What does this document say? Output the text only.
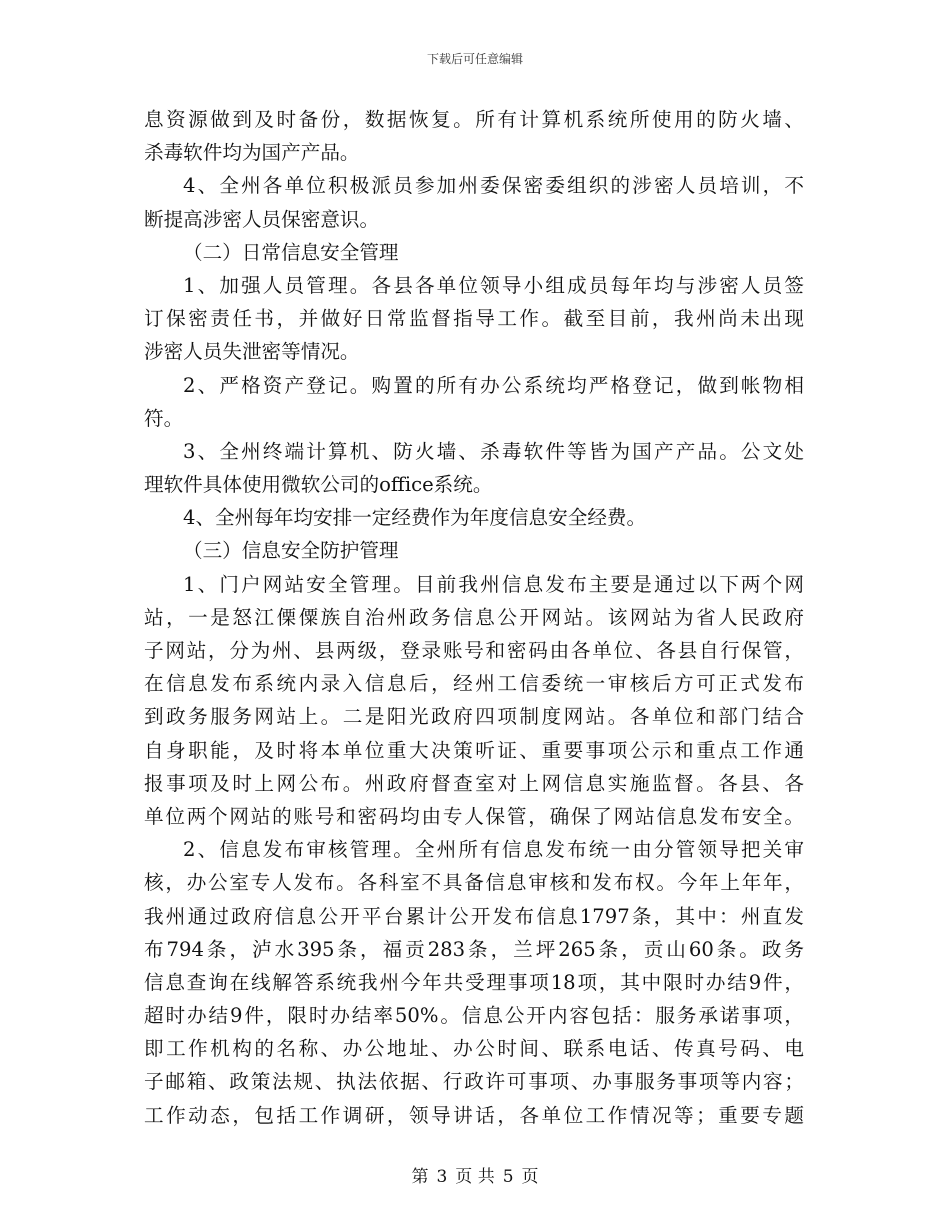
下载后可任意编辑
息资源做到及时备份，数据恢复。所有计算机系统所使用的防火墙、
杀毒软件均为国产产品。
4、全州各单位积极派员参加州委保密委组织的涉密人员培训，不
断提高涉密人员保密意识。
（二）日常信息安全管理
1、加强人员管理。各县各单位领导小组成员每年均与涉密人员签
订保密责任书，并做好日常监督指导工作。截至目前，我州尚未出现
涉密人员失泄密等情况。
2、严格资产登记。购置的所有办公系统均严格登记，做到帐物相
符。
3、全州终端计算机、防火墙、杀毒软件等皆为国产产品。公文处
理软件具体使用微软公司的office系统。
4、全州每年均安排一定经费作为年度信息安全经费。
（三）信息安全防护管理
1、门户网站安全管理。目前我州信息发布主要是通过以下两个网
站，一是怒江傈僳族自治州政务信息公开网站。该网站为省人民政府
子网站，分为州、县两级，登录账号和密码由各单位、各县自行保管，
在信息发布系统内录入信息后，经州工信委统一审核后方可正式发布
到政务服务网站上。二是阳光政府四项制度网站。各单位和部门结合
自身职能，及时将本单位重大决策听证、重要事项公示和重点工作通
报事项及时上网公布。州政府督查室对上网信息实施监督。各县、各
单位两个网站的账号和密码均由专人保管，确保了网站信息发布安全。
2、信息发布审核管理。全州所有信息发布统一由分管领导把关审
核，办公室专人发布。各科室不具备信息审核和发布权。今年上年年，
我州通过政府信息公开平台累计公开发布信息1797条，其中：州直发
布794条，泸水395条，福贡283条，兰坪265条，贡山60条。政务
信息查询在线解答系统我州今年共受理事项18项，其中限时办结9件，
超时办结9件，限时办结率50%。信息公开内容包括：服务承诺事项，
即工作机构的名称、办公地址、办公时间、联系电话、传真号码、电
子邮箱、政策法规、执法依据、行政许可事项、办事服务事项等内容；
工作动态，包括工作调研，领导讲话，各单位工作情况等；重要专题
第 3 页 共 5 页
